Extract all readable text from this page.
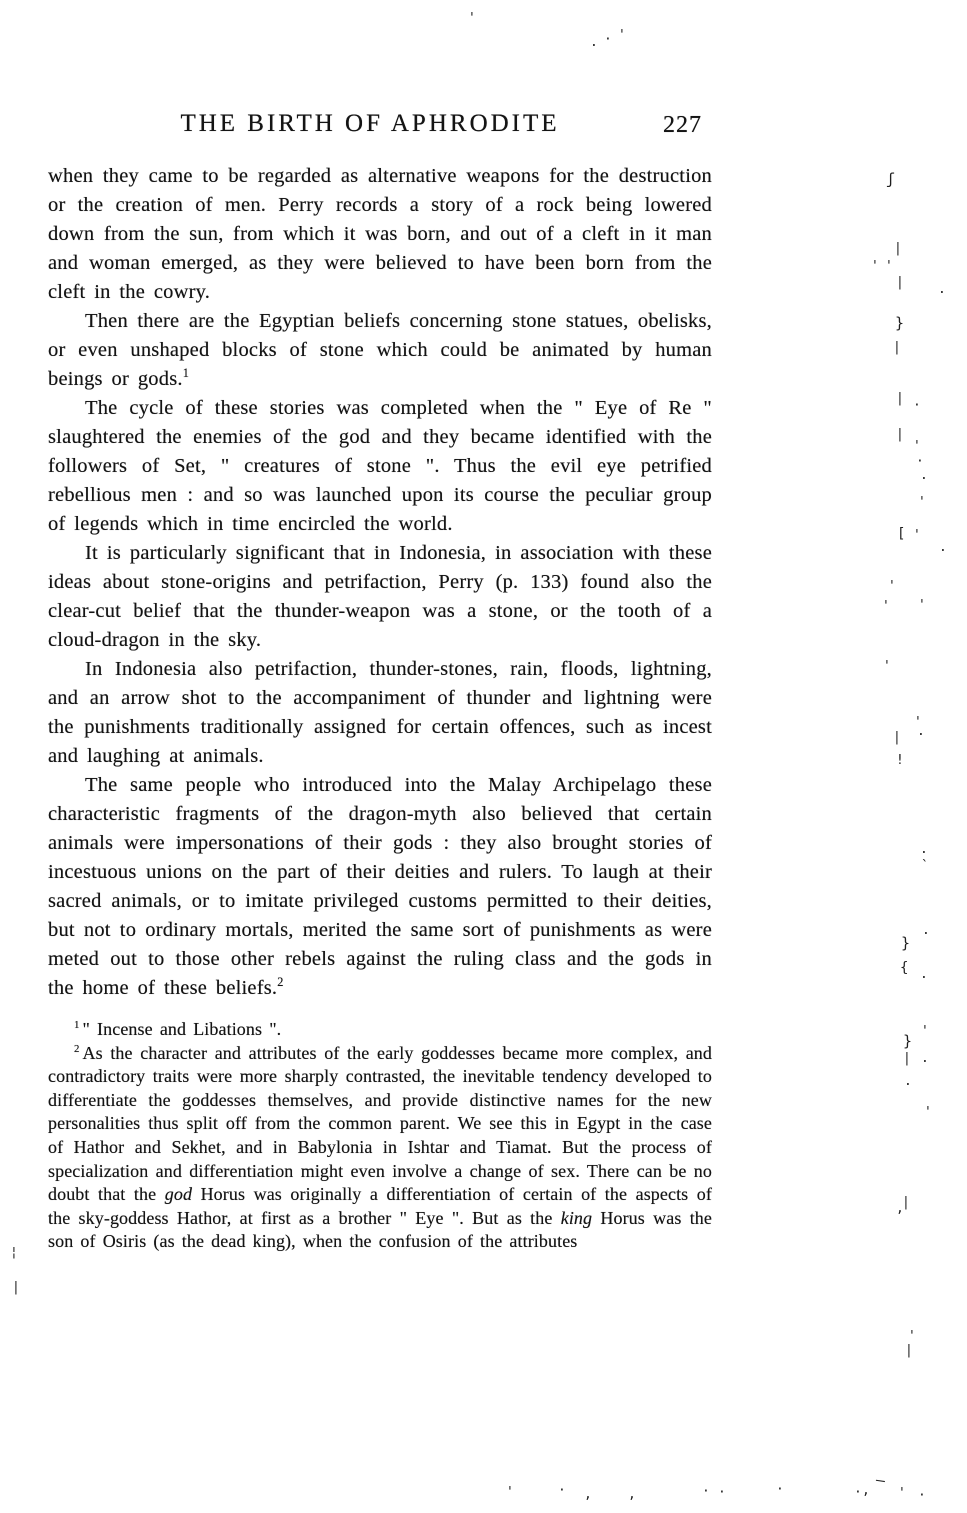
THE BIRTH OF APHRODITE	227

when they came to be regarded as alternative weapons for the destruction or the creation of men. Perry records a story of a rock being lowered down from the sun, from which it was born, and out of a cleft in it man and woman emerged, as they were believed to have been born from the cleft in the cowry.

Then there are the Egyptian beliefs concerning stone statues, obelisks, or even unshaped blocks of stone which could be animated by human beings or gods.$^1$

The cycle of these stories was completed when the " Eye of Re " slaughtered the enemies of the god and they became identified with the followers of Set, " creatures of stone ". Thus the evil eye petrified rebellious men : and so was launched upon its course the peculiar group of legends which in time encircled the world.

It is particularly significant that in Indonesia, in association with these ideas about stone-origins and petrifaction, Perry (p. 133) found also the clear-cut belief that the thunder-weapon was a stone, or the tooth of a cloud-dragon in the sky.

In Indonesia also petrifaction, thunder-stones, rain, floods, lightning, and an arrow shot to the accompaniment of thunder and lightning were the punishments traditionally assigned for certain offences, such as incest and laughing at animals.

The same people who introduced into the Malay Archipelago these characteristic fragments of the dragon-myth also believed that certain animals were impersonations of their gods : they also brought stories of incestuous unions on the part of their deities and rulers. To laugh at their sacred animals, or to imitate privileged customs permitted to their deities, but not to ordinary mortals, merited the same sort of punishments as were meted out to those other rebels against the ruling class and the gods in the home of these beliefs.$^2$

$^1$ " Incense and Libations ".

$^2$ As the character and attributes of the early goddesses became more complex, and contradictory traits were more sharply contrasted, the inevitable tendency developed to differentiate the goddesses themselves, and provide distinctive names for the new personalities thus split off from the common parent. We see this in Egypt in the case of Hathor and Sekhet, and in Babylonia in Ishtar and Tiamat. But the process of specialization and differentiation might even involve a change of sex. There can be no doubt that the god Horus was originally a differentiation of certain of the aspects of the sky-goddess Hathor, at first as a brother " Eye ". But as the king Horus was the son of Osiris (as the dead king), when the confusion of the attributes

'
. · '
ʃ
|
' '
|	.
}
|
| ·
|
'
·
.
'
[ '
.
'
' '
'
'
.
|
!
.
`
.
}
{ .
'
}
| .
.
'
|
,
'
|
¦
|
'	· ,	,	· ·	·	· ,
—
' ·
